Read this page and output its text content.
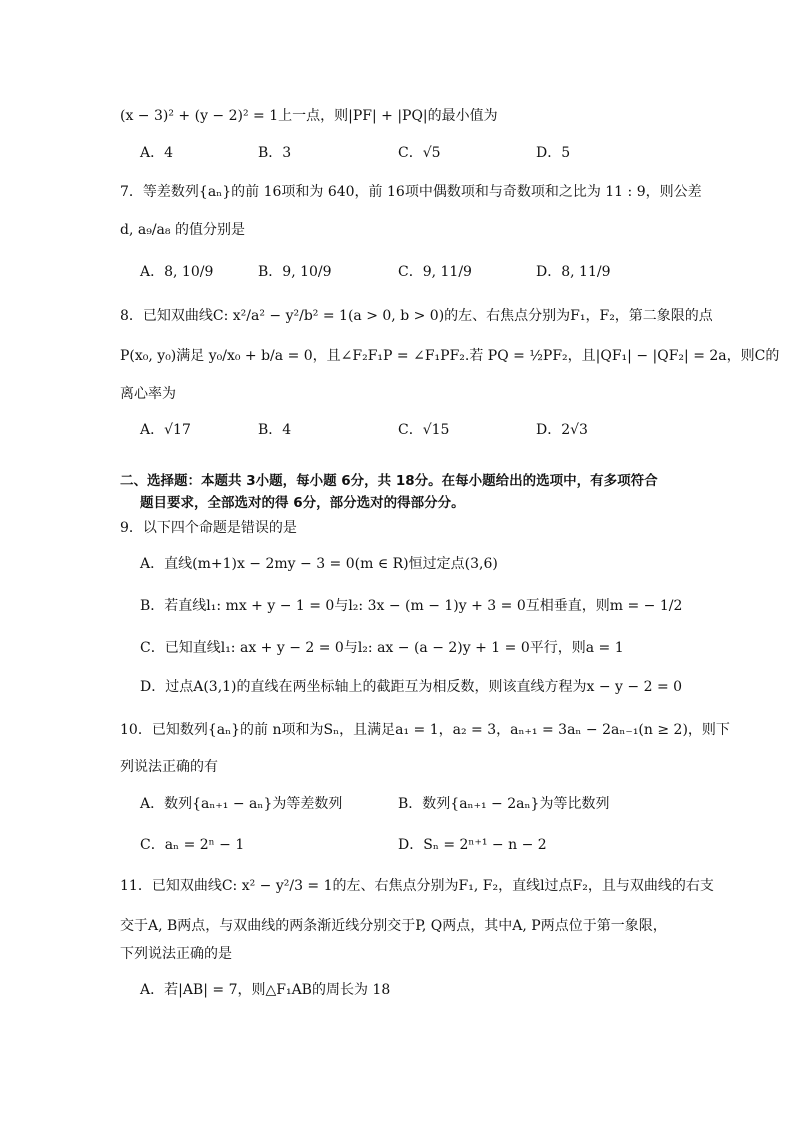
(x − 3)² + (y − 2)² = 1上一点，则|PF| + |PQ|的最小值为
A．4	B．3	C．√5	D．5
7．等差数列{aₙ}的前 16项和为 640，前 16项中偶数项和与奇数项和之比为 11 : 9，则公差
d, a₉/a₈ 的值分别是
A．8, 10/9	B．9, 10/9	C．9, 11/9	D．8, 11/9
8．已知双曲线C: x²/a² − y²/b² = 1(a > 0, b > 0)的左、右焦点分别为F₁，F₂，第二象限的点
P(x₀, y₀)满足 y₀/x₀ + b/a = 0，且∠F₂F₁P = ∠F₁PF₂.若 PQ = ½PF₂，且|QF₁| − |QF₂| = 2a，则C的
离心率为
A．√17	B．4	C．√15	D．2√3
二、选择题：本题共 3小题，每小题 6分，共 18分。在每小题给出的选项中，有多项符合
题目要求，全部选对的得 6分，部分选对的得部分分。
9．以下四个命题是错误的是
A．直线(m+1)x − 2my − 3 = 0(m ∈ R)恒过定点(3,6)
B．若直线l₁: mx + y − 1 = 0与l₂: 3x − (m − 1)y + 3 = 0互相垂直，则m = − 1/2
C．已知直线l₁: ax + y − 2 = 0与l₂: ax − (a − 2)y + 1 = 0平行，则a = 1
D．过点A(3,1)的直线在两坐标轴上的截距互为相反数，则该直线方程为x − y − 2 = 0
10．已知数列{aₙ}的前 n项和为Sₙ，且满足a₁ = 1，a₂ = 3，aₙ₊₁ = 3aₙ − 2aₙ₋₁(n ≥ 2)，则下
列说法正确的有
A．数列{aₙ₊₁ − aₙ}为等差数列	B．数列{aₙ₊₁ − 2aₙ}为等比数列
C．aₙ = 2ⁿ − 1	D．Sₙ = 2ⁿ⁺¹ − n − 2
11．已知双曲线C: x² − y²/3 = 1的左、右焦点分别为F₁, F₂，直线l过点F₂，且与双曲线的右支
交于A, B两点，与双曲线的两条渐近线分别交于P, Q两点，其中A, P两点位于第一象限，
下列说法正确的是
A．若|AB| = 7，则△F₁AB的周长为 18
